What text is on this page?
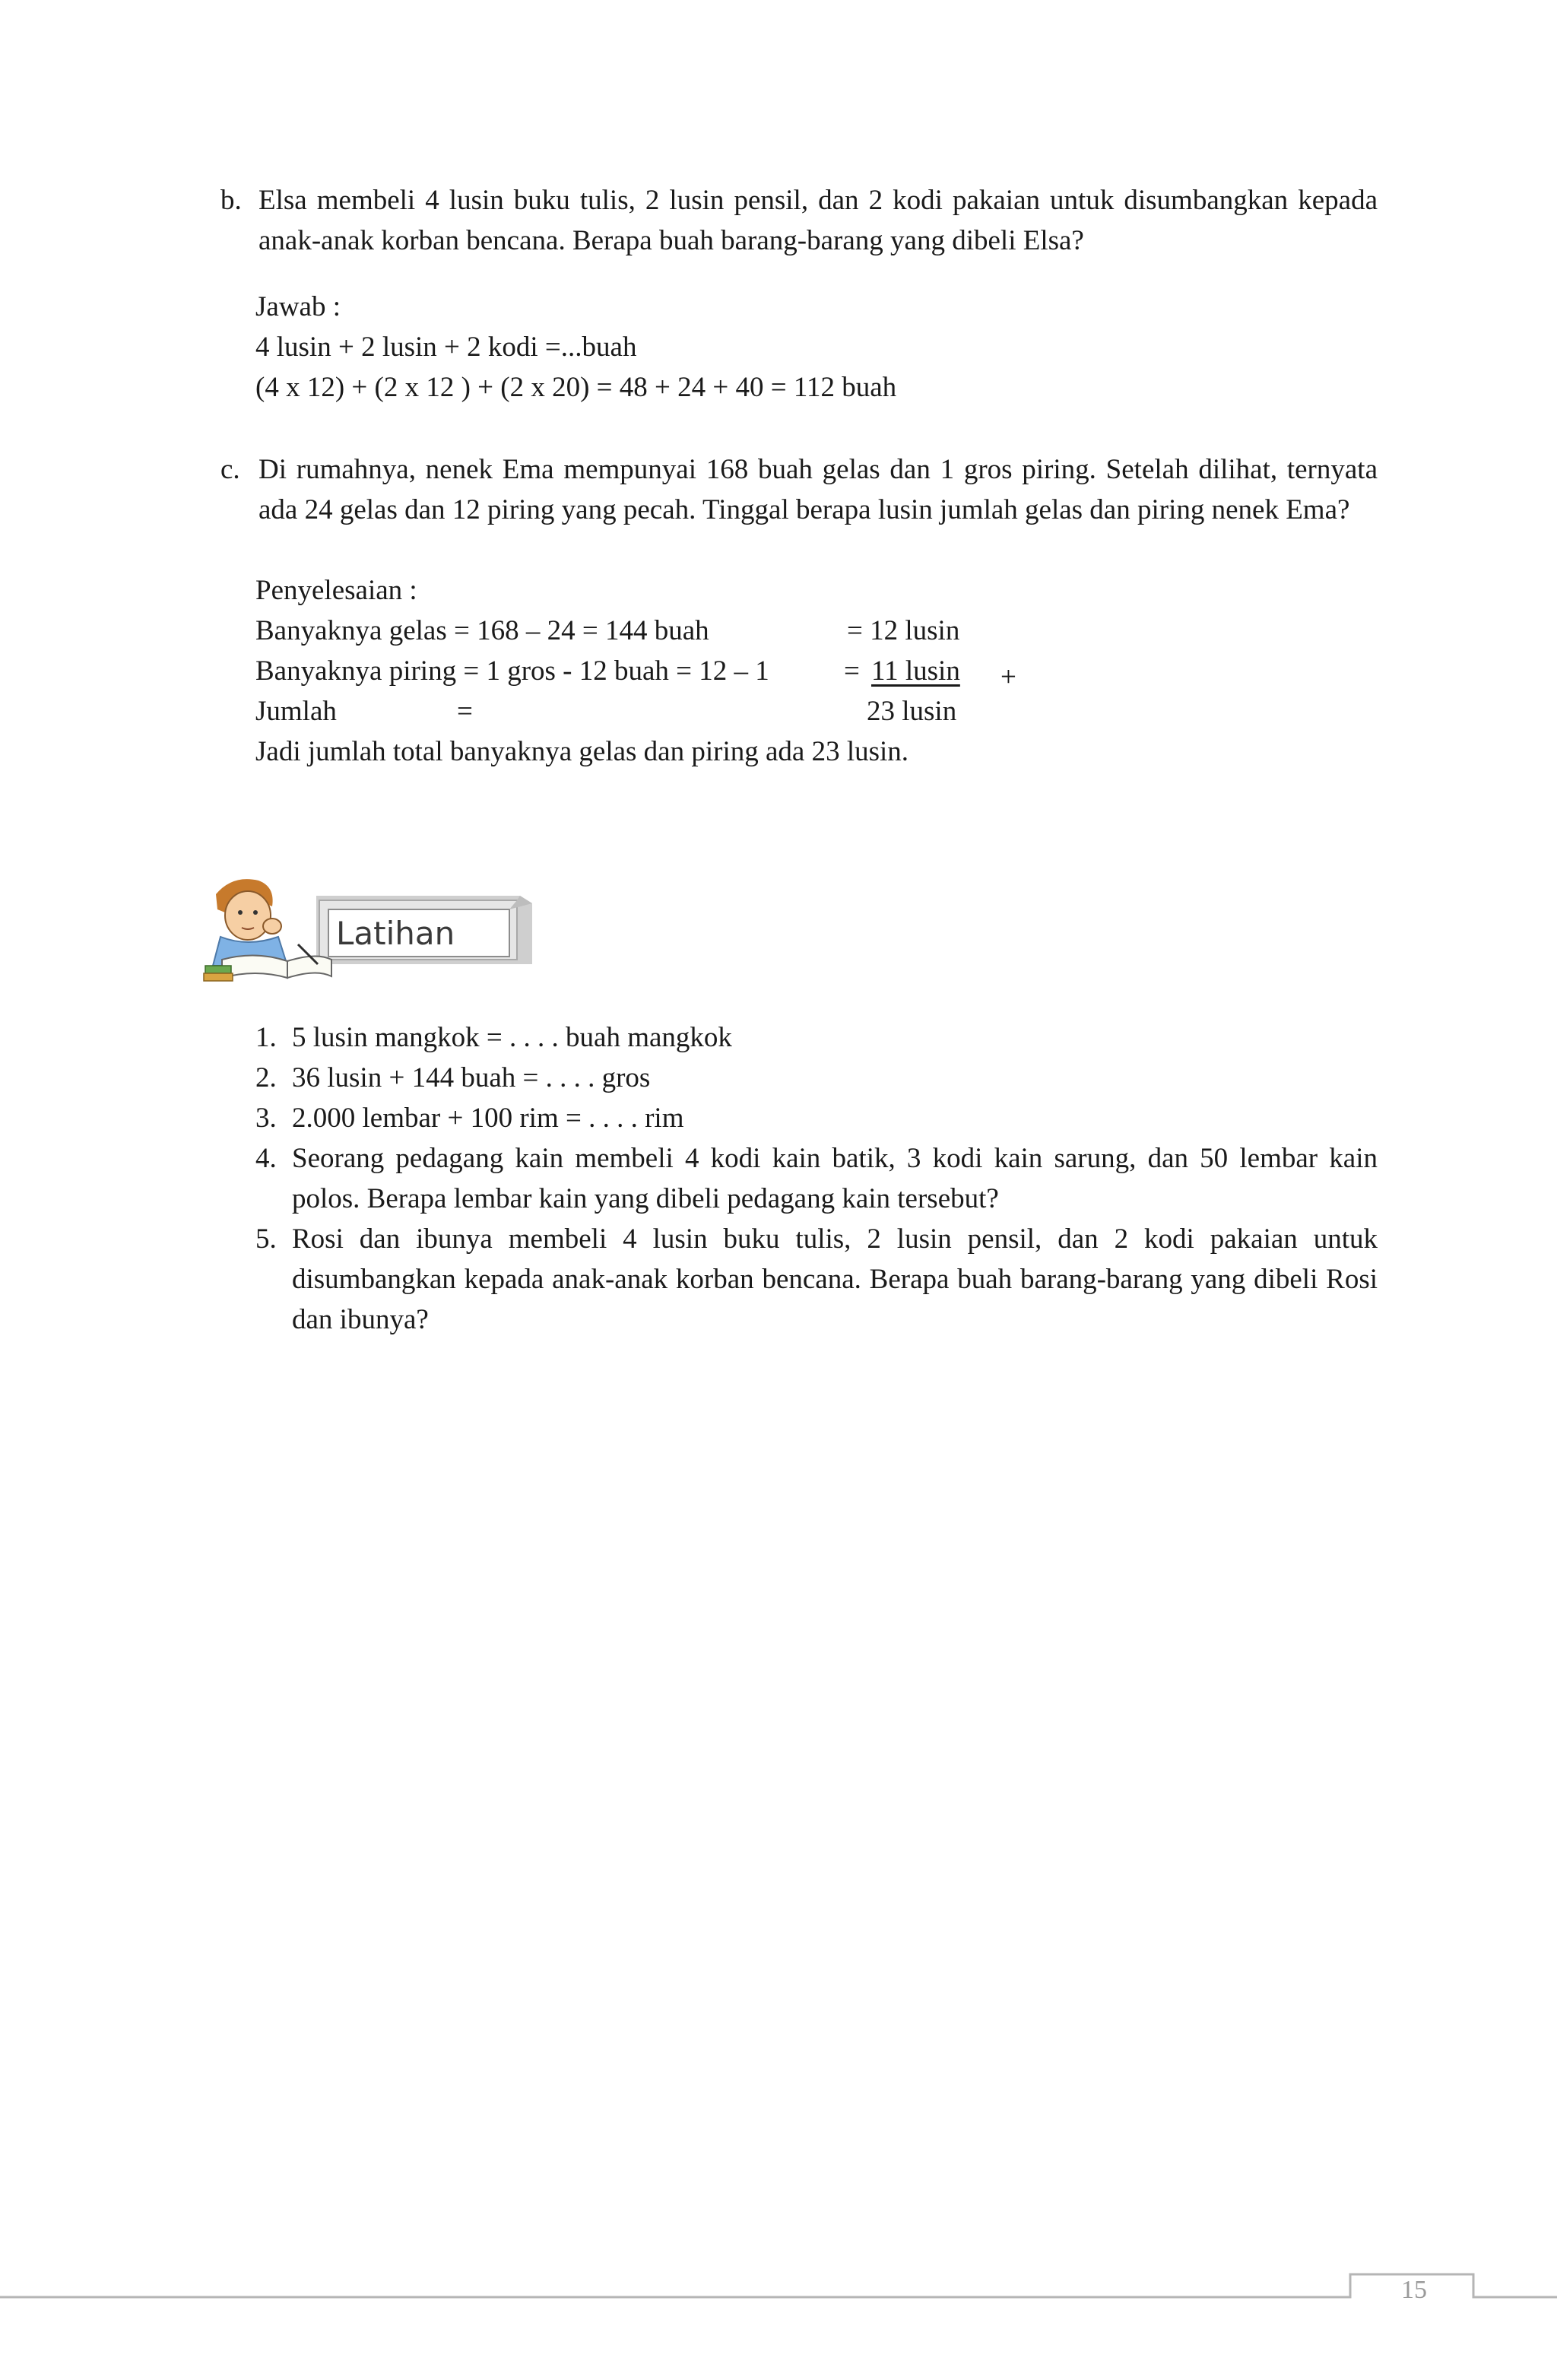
b. Elsa membeli 4 lusin buku tulis, 2 lusin pensil, dan 2 kodi pakaian untuk disumbangkan kepada anak-anak korban bencana. Berapa buah barang-barang yang dibeli Elsa?
Jawab :
4 lusin + 2 lusin + 2 kodi =...buah
(4 x 12) + (2 x 12 ) + (2 x 20) = 48 + 24 + 40 = 112 buah
c. Di rumahnya, nenek Ema mempunyai 168 buah gelas dan 1 gros piring. Setelah dilihat, ternyata ada 24 gelas dan 12 piring yang pecah. Tinggal berapa lusin jumlah gelas dan piring nenek Ema?
Penyelesaian :
Banyaknya gelas = 168 – 24 = 144 buah	= 12 lusin
Banyaknya piring = 1 gros - 12 buah = 12 – 1	= 11 lusin +
Jumlah	=	23 lusin
Jadi jumlah total banyaknya gelas dan piring ada 23 lusin.
Latihan
1. 5 lusin mangkok = . . . . buah mangkok
2. 36 lusin + 144 buah = . . . . gros
3. 2.000 lembar + 100 rim = . . . . rim
4. Seorang pedagang kain membeli 4 kodi kain batik, 3 kodi kain sarung, dan 50 lembar kain polos. Berapa lembar kain yang dibeli pedagang kain tersebut?
5. Rosi dan ibunya membeli 4 lusin buku tulis, 2 lusin pensil, dan 2 kodi pakaian untuk disumbangkan kepada anak-anak korban bencana. Berapa buah barang-barang yang dibeli Rosi dan ibunya?
15
